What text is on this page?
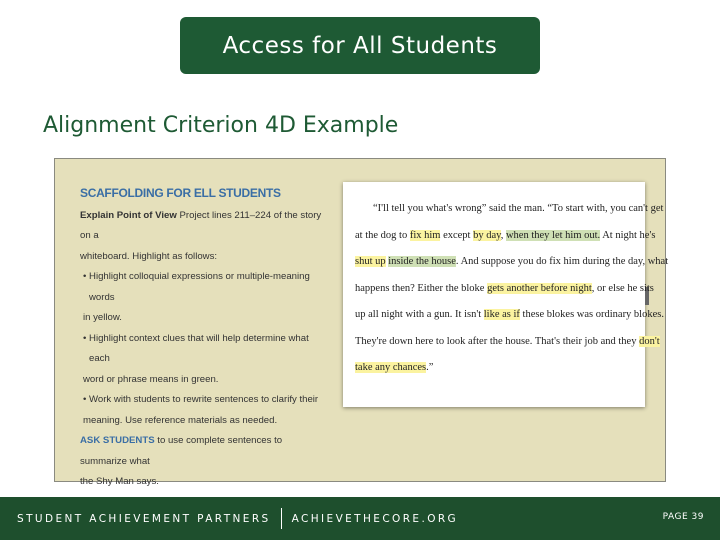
Access for All Students
Alignment Criterion 4D Example
SCAFFOLDING FOR ELL STUDENTS
Explain Point of View Project lines 211–224 of the story on a
whiteboard. Highlight as follows:
• Highlight colloquial expressions or multiple-meaning words
in yellow.
• Highlight context clues that will help determine what each
word or phrase means in green.
• Work with students to rewrite sentences to clarify their
meaning. Use reference materials as needed.
ASK STUDENTS to use complete sentences to summarize what
the Shy Man says.
“I'll tell you what's wrong” said the man. “To start with, you can't get
at the dog to fix him except by day, when they let him out. At night he's
shut up inside the house. And suppose you do fix him during the day, what
happens then? Either the bloke gets another before night, or else he sits
up all night with a gun. It isn't like as if these blokes was ordinary blokes.
They're down here to look after the house. That's their job and they don't
take any chances.”
STUDENT ACHIEVEMENT PARTNERS ACHIEVETHECORE.ORG	PAGE 39
